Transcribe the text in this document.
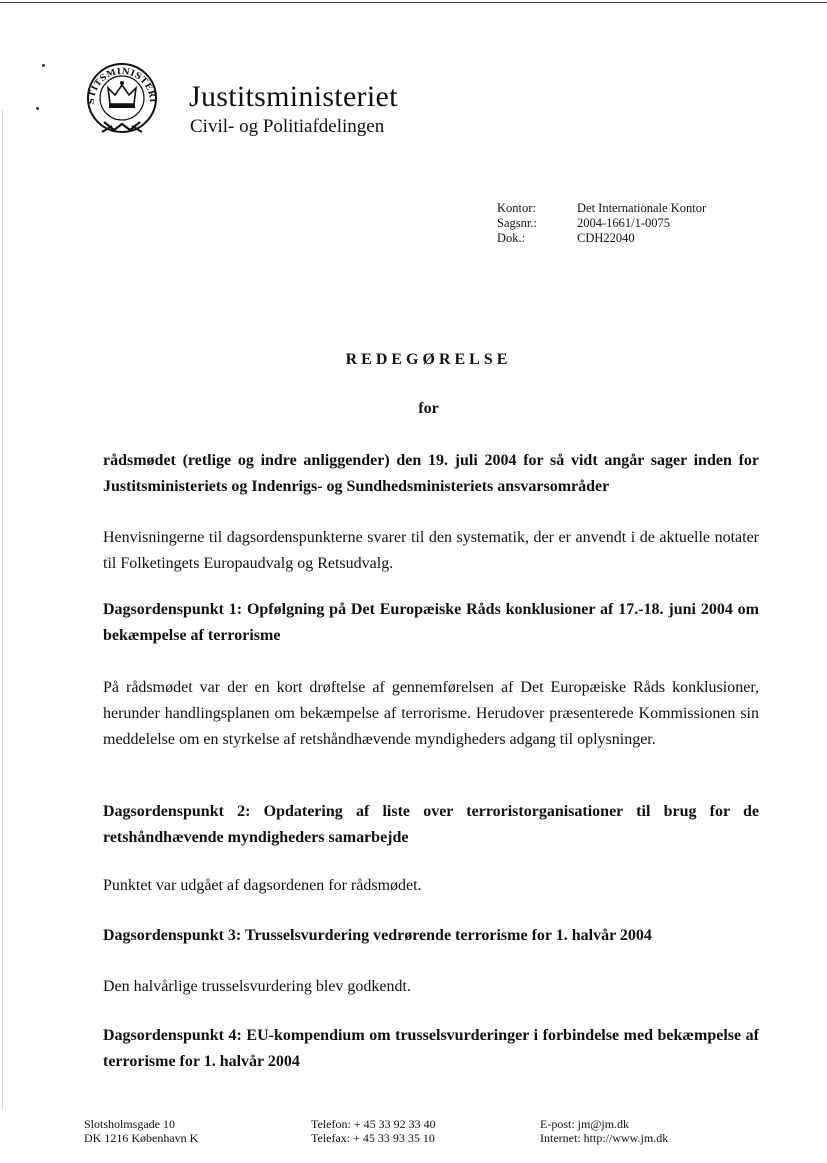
STITSMINISTERI Justitsministeriet
Civil- og Politiafdelingen
Kontor:	Det Internationale Kontor
Sagsnr.:	2004-1661/1-0075
Dok.:	CDH22040
REDEGØRELSE
for

rådsmødet (retlige og indre anliggender) den 19. juli 2004 for så vidt angår sager inden for Justitsministeriets og Indenrigs- og Sundhedsministeriets ansvarsområder

Henvisningerne til dagsordenspunkterne svarer til den systematik, der er anvendt i de aktuelle notater til Folketingets Europaudvalg og Retsudvalg.

Dagsordenspunkt 1: Opfølgning på Det Europæiske Råds konklusioner af 17.-18. juni 2004 om bekæmpelse af terrorisme

På rådsmødet var der en kort drøftelse af gennemførelsen af Det Europæiske Råds konklusioner, herunder handlingsplanen om bekæmpelse af terrorisme. Herudover præsenterede Kommissionen sin meddelelse om en styrkelse af retshåndhævende myndigheders adgang til oplysninger.

Dagsordenspunkt 2: Opdatering af liste over terroristorganisationer til brug for de retshåndhævende myndigheders samarbejde

Punktet var udgået af dagsordenen for rådsmødet.

Dagsordenspunkt 3: Trusselsvurdering vedrørende terrorisme for 1. halvår 2004

Den halvårlige trusselsvurdering blev godkendt.

Dagsordenspunkt 4: EU-kompendium om trusselsvurderinger i forbindelse med bekæmpelse af terrorisme for 1. halvår 2004

Slotsholmsgade 10
DK 1216 København K
Telefon: + 45 33 92 33 40
Telefax: + 45 33 93 35 10
E-post: jm@jm.dk
Internet: http://www.jm.dk
